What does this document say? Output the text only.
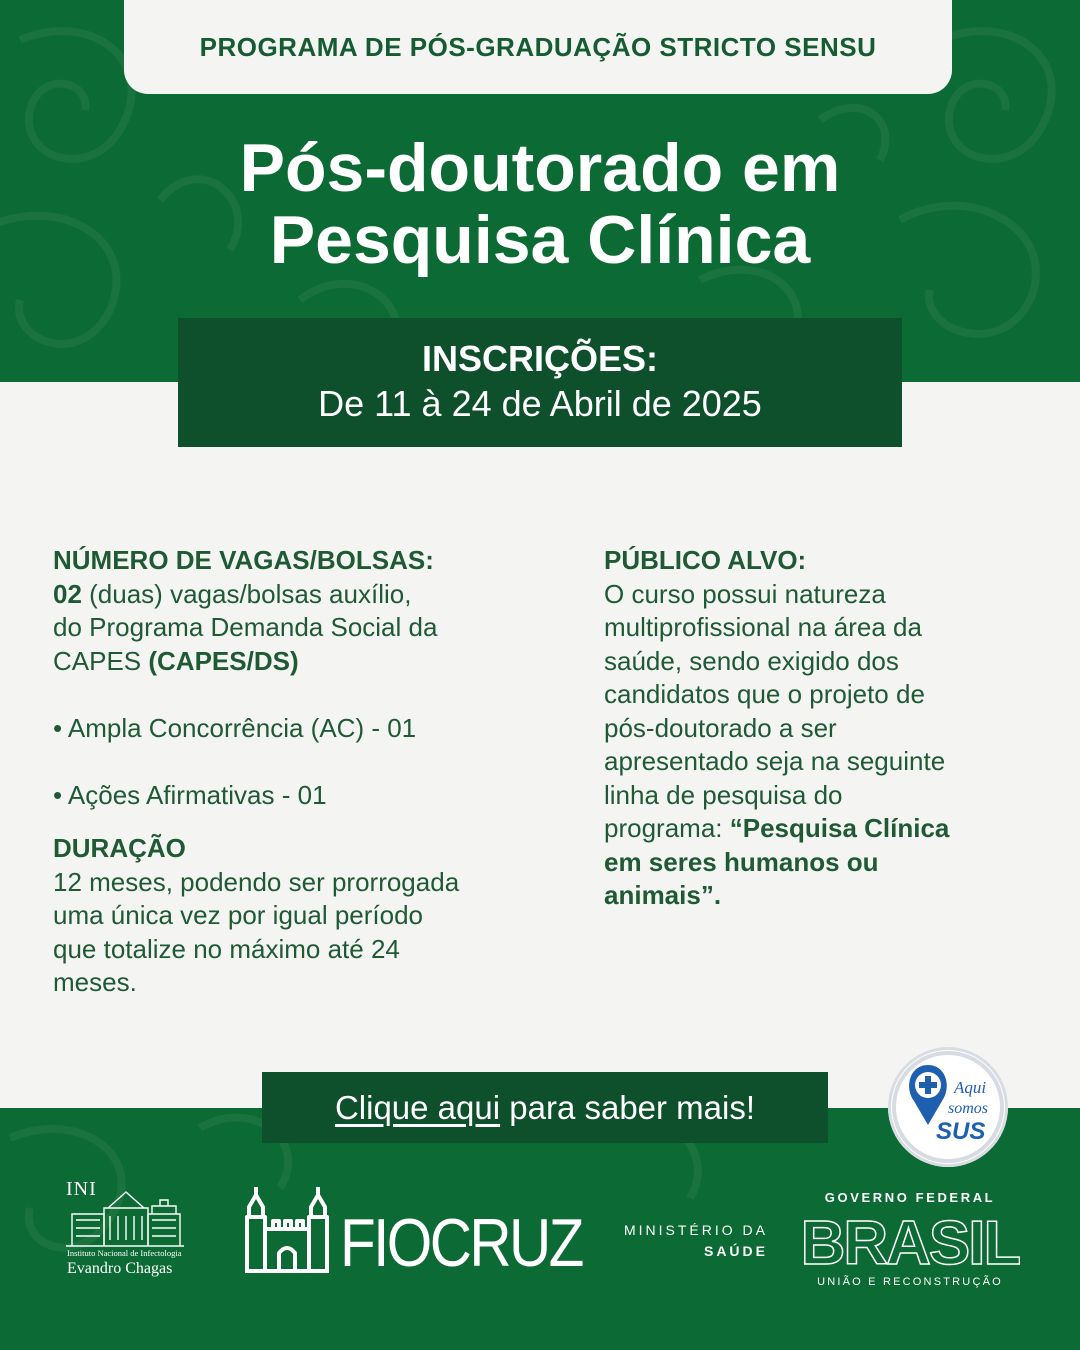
PROGRAMA DE PÓS-GRADUAÇÃO STRICTO SENSU
Pós-doutorado em
Pesquisa Clínica
INSCRIÇÕES:
De 11 à 24 de Abril de 2025
NÚMERO DE VAGAS/BOLSAS:
02 (duas) vagas/bolsas auxílio,
do Programa Demanda Social da
CAPES (CAPES/DS)
• Ampla Concorrência (AC) - 01
• Ações Afirmativas - 01
DURAÇÃO
12 meses, podendo ser prorrogada
uma única vez por igual período
que totalize no máximo até 24
meses.
PÚBLICO ALVO:
O curso possui natureza
multiprofissional na área da
saúde, sendo exigido dos
candidatos que o projeto de
pós-doutorado a ser
apresentado seja na seguinte
linha de pesquisa do
programa: “Pesquisa Clínica
em seres humanos ou
animais”.
Clique aqui para saber mais!
Aqui
somos
SUS
INI
Instituto Nacional de Infectologia
Evandro Chagas FIOCRUZ	MINISTÉRIO DA
SAÚDE
GOVERNO FEDERAL
BRASIL
UNIÃO E RECONSTRUÇÃO
